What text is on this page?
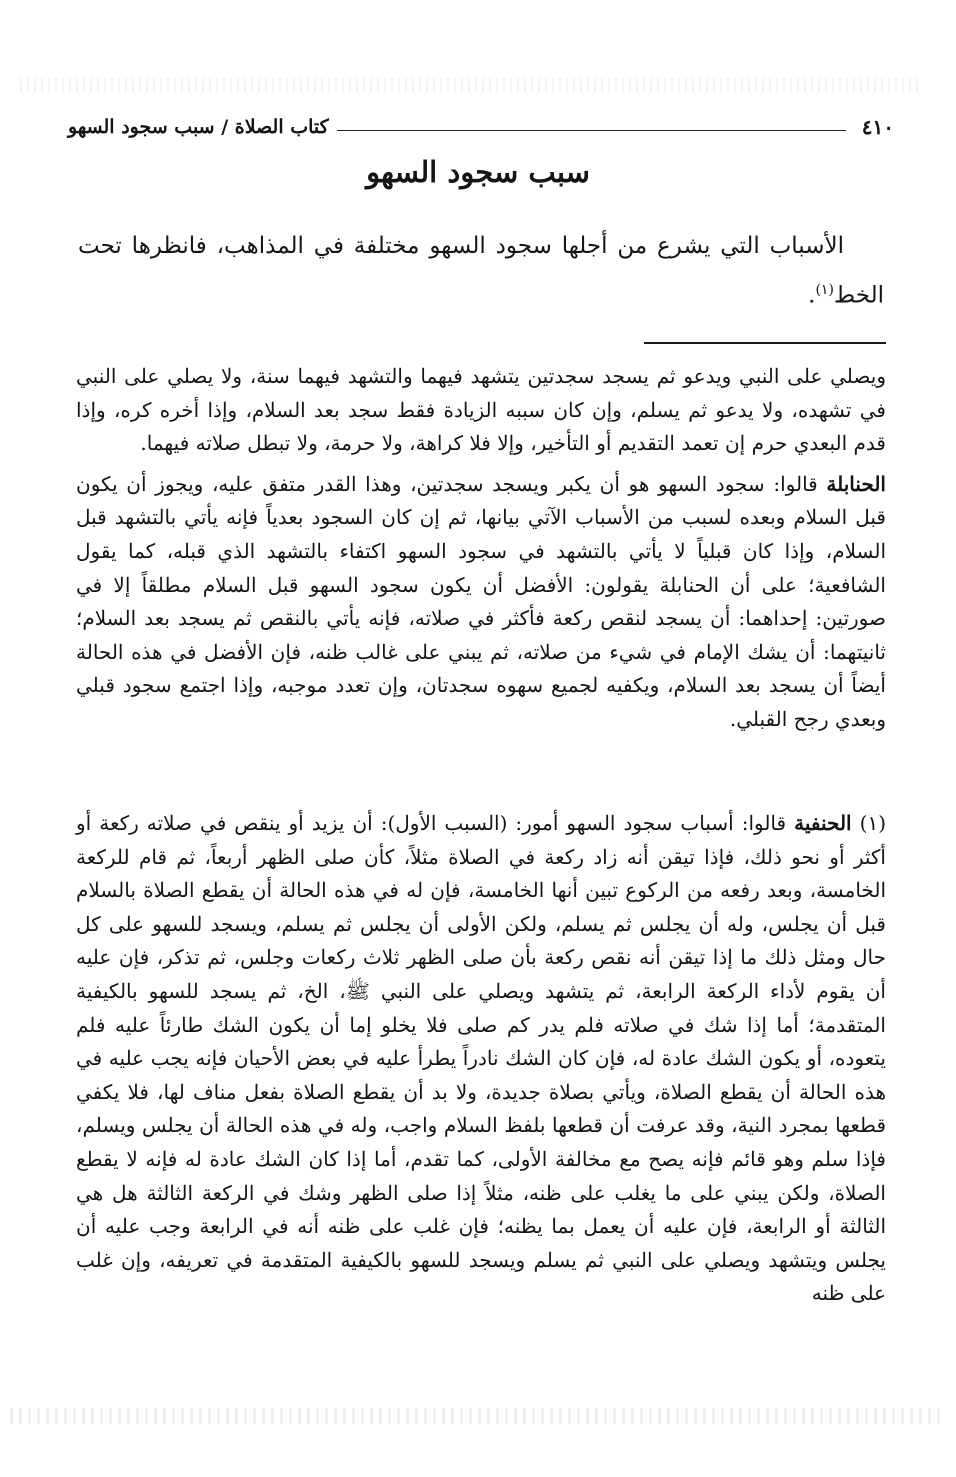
٤١٠
كتاب الصلاة / سبب سجود السهو
سبب سجود السهو

الأسباب التي يشرع من أجلها سجود السهو مختلفة في المذاهب، فانظرها تحت الخط$^{(١)}$.

ويصلي على النبي ويدعو ثم يسجد سجدتين يتشهد فيهما والتشهد فيهما سنة، ولا يصلي على النبي في تشهده، ولا يدعو ثم يسلم، وإن كان سببه الزيادة فقط سجد بعد السلام، وإذا أخره كره، وإذا قدم البعدي حرم إن تعمد التقديم أو التأخير، وإلا فلا كراهة، ولا حرمة، ولا تبطل صلاته فيهما.

الحنابلة قالوا: سجود السهو هو أن يكبر ويسجد سجدتين، وهذا القدر متفق عليه، ويجوز أن يكون قبل السلام وبعده لسبب من الأسباب الآتي بيانها، ثم إن كان السجود بعدياً فإنه يأتي بالتشهد قبل السلام، وإذا كان قبلياً لا يأتي بالتشهد في سجود السهو اكتفاء بالتشهد الذي قبله، كما يقول الشافعية؛ على أن الحنابلة يقولون: الأفضل أن يكون سجود السهو قبل السلام مطلقاً إلا في صورتين: إحداهما: أن يسجد لنقص ركعة فأكثر في صلاته، فإنه يأتي بالنقص ثم يسجد بعد السلام؛ ثانيتهما: أن يشك الإمام في شيء من صلاته، ثم يبني على غالب ظنه، فإن الأفضل في هذه الحالة أيضاً أن يسجد بعد السلام، ويكفيه لجميع سهوه سجدتان، وإن تعدد موجبه، وإذا اجتمع سجود قبلي وبعدي رجح القبلي.

(١) الحنفية قالوا: أسباب سجود السهو أمور: (السبب الأول): أن يزيد أو ينقص في صلاته ركعة أو أكثر أو نحو ذلك، فإذا تيقن أنه زاد ركعة في الصلاة مثلاً، كأن صلى الظهر أربعاً، ثم قام للركعة الخامسة، وبعد رفعه من الركوع تبين أنها الخامسة، فإن له في هذه الحالة أن يقطع الصلاة بالسلام قبل أن يجلس، وله أن يجلس ثم يسلم، ولكن الأولى أن يجلس ثم يسلم، ويسجد للسهو على كل حال ومثل ذلك ما إذا تيقن أنه نقص ركعة بأن صلى الظهر ثلاث ركعات وجلس، ثم تذكر، فإن عليه أن يقوم لأداء الركعة الرابعة، ثم يتشهد ويصلي على النبي ﷺ، الخ، ثم يسجد للسهو بالكيفية المتقدمة؛ أما إذا شك في صلاته فلم يدر كم صلى فلا يخلو إما أن يكون الشك طارئاً عليه فلم يتعوده، أو يكون الشك عادة له، فإن كان الشك نادراً يطرأ عليه في بعض الأحيان فإنه يجب عليه في هذه الحالة أن يقطع الصلاة، ويأتي بصلاة جديدة، ولا بد أن يقطع الصلاة بفعل مناف لها، فلا يكفي قطعها بمجرد النية، وقد عرفت أن قطعها بلفظ السلام واجب، وله في هذه الحالة أن يجلس ويسلم، فإذا سلم وهو قائم فإنه يصح مع مخالفة الأولى، كما تقدم، أما إذا كان الشك عادة له فإنه لا يقطع الصلاة، ولكن يبني على ما يغلب على ظنه، مثلاً إذا صلى الظهر وشك في الركعة الثالثة هل هي الثالثة أو الرابعة، فإن عليه أن يعمل بما يظنه؛ فإن غلب على ظنه أنه في الرابعة وجب عليه أن يجلس ويتشهد ويصلي على النبي ثم يسلم ويسجد للسهو بالكيفية المتقدمة في تعريفه، وإن غلب على ظنه
